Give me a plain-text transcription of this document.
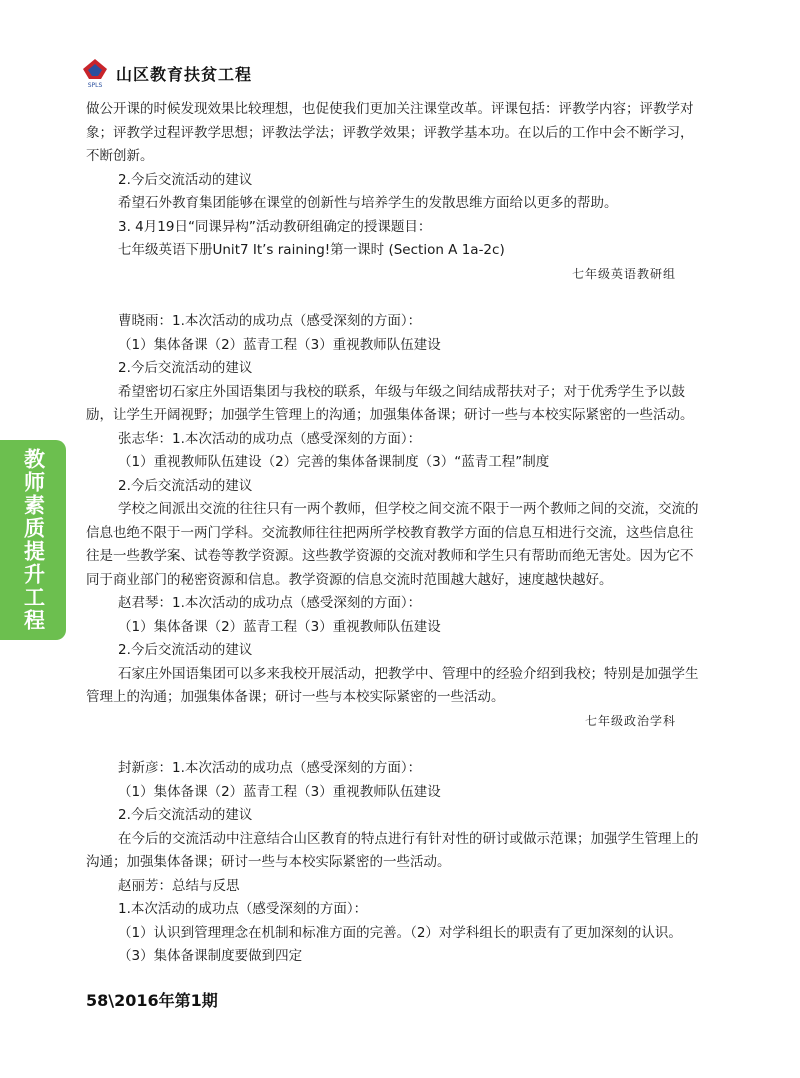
SPLS
山区教育扶贫工程
教师素质提升工程
做公开课的时候发现效果比较理想，也促使我们更加关注课堂改革。评课包括：评教学内容；评教学对
象；评教学过程评教学思想；评教法学法；评教学效果；评教学基本功。在以后的工作中会不断学习，
不断创新。
2.今后交流活动的建议
希望石外教育集团能够在课堂的创新性与培养学生的发散思维方面给以更多的帮助。
3. 4月19日“同课异构”活动教研组确定的授课题目：
七年级英语下册Unit7 It’s raining!第一课时 (Section A 1a-2c)
七年级英语教研组
曹晓雨：1.本次活动的成功点（感受深刻的方面）：
（1）集体备课（2）蓝青工程（3）重视教师队伍建设
2.今后交流活动的建议
希望密切石家庄外国语集团与我校的联系，年级与年级之间结成帮扶对子；对于优秀学生予以鼓
励，让学生开阔视野；加强学生管理上的沟通；加强集体备课；研讨一些与本校实际紧密的一些活动。
张志华：1.本次活动的成功点（感受深刻的方面）：
（1）重视教师队伍建设（2）完善的集体备课制度（3）“蓝青工程”制度
2.今后交流活动的建议
学校之间派出交流的往往只有一两个教师，但学校之间交流不限于一两个教师之间的交流，交流的
信息也绝不限于一两门学科。交流教师往往把两所学校教育教学方面的信息互相进行交流，这些信息往
往是一些教学案、试卷等教学资源。这些教学资源的交流对教师和学生只有帮助而绝无害处。因为它不
同于商业部门的秘密资源和信息。教学资源的信息交流时范围越大越好，速度越快越好。
赵君琴：1.本次活动的成功点（感受深刻的方面）：
（1）集体备课（2）蓝青工程（3）重视教师队伍建设
2.今后交流活动的建议
石家庄外国语集团可以多来我校开展活动，把教学中、管理中的经验介绍到我校；特别是加强学生
管理上的沟通；加强集体备课；研讨一些与本校实际紧密的一些活动。
七年级政治学科
封新彦：1.本次活动的成功点（感受深刻的方面）：
（1）集体备课（2）蓝青工程（3）重视教师队伍建设
2.今后交流活动的建议
在今后的交流活动中注意结合山区教育的特点进行有针对性的研讨或做示范课；加强学生管理上的
沟通；加强集体备课；研讨一些与本校实际紧密的一些活动。
赵丽芳：总结与反思
1.本次活动的成功点（感受深刻的方面）：
（1）认识到管理理念在机制和标准方面的完善。（2）对学科组长的职责有了更加深刻的认识。
（3）集体备课制度要做到四定
58\2016年第1期
